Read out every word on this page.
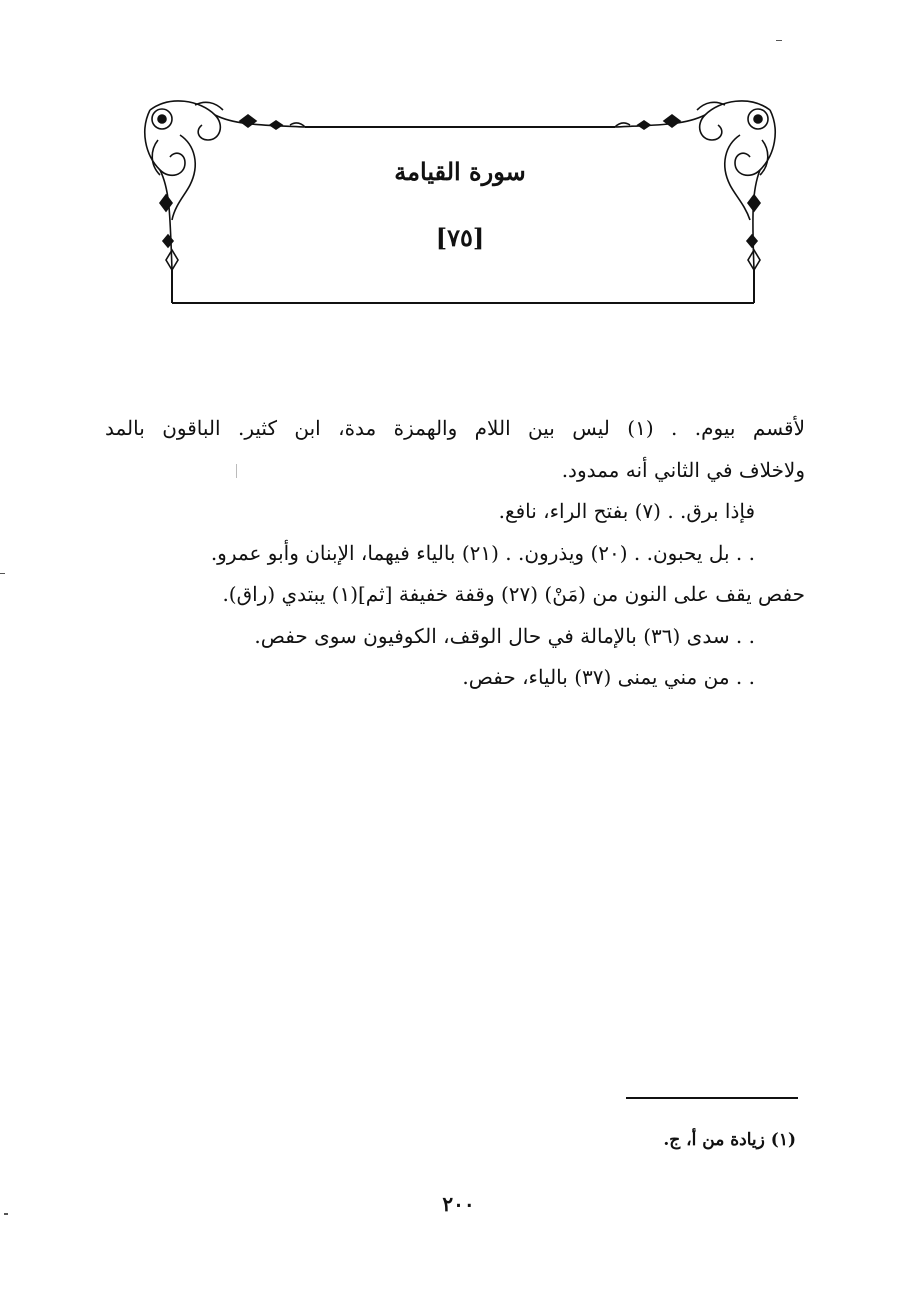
سورة القيامة
[٧٥]
لأقسم بيوم. . (١) ليس بين اللام والهمزة مدة، ابن كثير. الباقون بالمد
ولاخلاف في الثاني أنه ممدود.
فإذا برق. . (٧) بفتح الراء، نافع.
. . بل يحبون. . (٢٠) ويذرون. . (٢١) بالياء فيهما، الإبنان وأبو عمرو.
حفص يقف على النون من (مَنْ) (٢٧) وقفة خفيفة [ثم](١) يبتدي (راق).
. . سدى (٣٦) بالإمالة في حال الوقف، الكوفيون سوى حفص.
. . من مني يمنى (٣٧) بالياء، حفص.
(١) زيادة من أ، ج.
٢٠٠
